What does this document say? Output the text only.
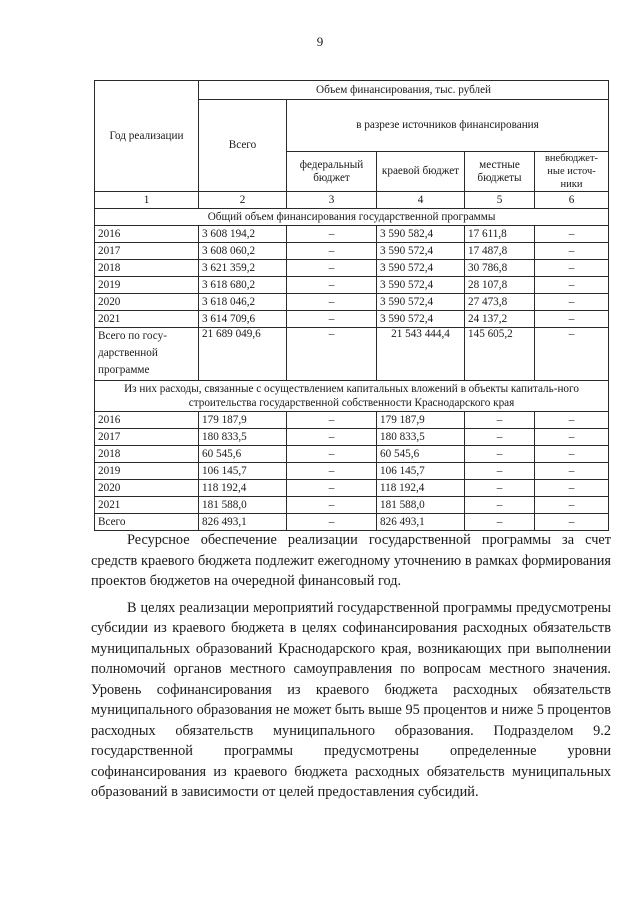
9
Год реализации	Объем финансирования, тыс. рублей				
	Всего	в разрезе источников финансирования			
		федеральный бюджет	краевой бюджет	местные бюджеты	внебюджет-ные источ-ники
1	2	3	4	5	6
Общий объем финансирования государственной программы					
2016	3 608 194,2	–	3 590 582,4	17 611,8	–
2017	3 608 060,2	–	3 590 572,4	17 487,8	–
2018	3 621 359,2	–	3 590 572,4	30 786,8	–
2019	3 618 680,2	–	3 590 572,4	28 107,8	–
2020	3 618 046,2	–	3 590 572,4	27 473,8	–
2021	3 614 709,6	–	3 590 572,4	24 137,2	–
Всего по госу-дарственной программе	21 689 049,6	–	21 543 444,4	145 605,2	–
Из них расходы, связанные с осуществлением капитальных вложений в объекты капиталь-ного строительства государственной собственности Краснодарского края					
2016	179 187,9	–	179 187,9	–	–
2017	180 833,5	–	180 833,5	–	–
2018	60 545,6	–	60 545,6	–	–
2019	106 145,7	–	106 145,7	–	–
2020	118 192,4	–	118 192,4	–	–
2021	181 588,0	–	181 588,0	–	–
Всего	826 493,1	–	826 493,1	–	–

Ресурсное обеспечение реализации государственной программы за счет средств краевого бюджета подлежит ежегодному уточнению в рамках формирования проектов бюджетов на очередной финансовый год.

В целях реализации мероприятий государственной программы предусмотрены субсидии из краевого бюджета в целях софинансирования расходных обязательств муниципальных образований Краснодарского края, возникающих при выполнении полномочий органов местного самоуправления по вопросам местного значения. Уровень софинансирования из краевого бюджета расходных обязательств муниципального образования не может быть выше 95 процентов и ниже 5 процентов расходных обязательств муниципального образования. Подразделом 9.2 государственной программы предусмотрены определенные уровни софинансирования из краевого бюджета расходных обязательств муниципальных образований в зависимости от целей предоставления субсидий.
